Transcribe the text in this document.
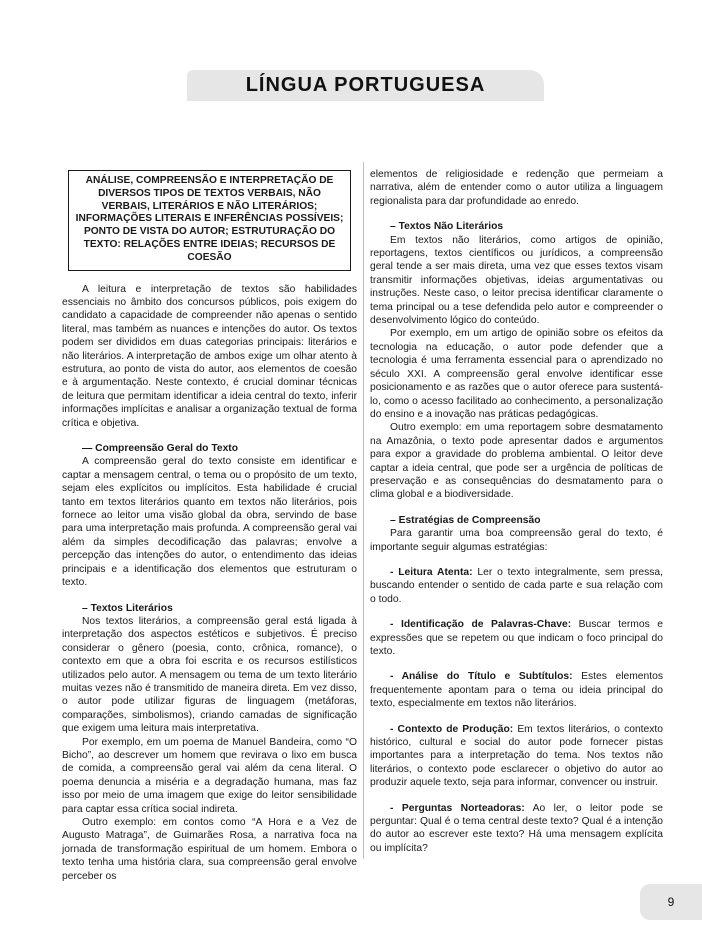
LÍNGUA PORTUGUESA
ANÁLISE, COMPREENSÃO E INTERPRETAÇÃO DE DIVERSOS TIPOS DE TEXTOS VERBAIS, NÃO VERBAIS, LITERÁRIOS E NÃO LITERÁRIOS; INFORMAÇÕES LITERAIS E INFERÊNCIAS POSSÍVEIS; PONTO DE VISTA DO AUTOR; ESTRUTURAÇÃO DO TEXTO: RELAÇÕES ENTRE IDEIAS; RECURSOS DE COESÃO

A leitura e interpretação de textos são habilidades essenciais no âmbito dos concursos públicos, pois exigem do candidato a capacidade de compreender não apenas o sentido literal, mas também as nuances e intenções do autor. Os textos podem ser divididos em duas categorias principais: literários e não literários. A interpretação de ambos exige um olhar atento à estrutura, ao ponto de vista do autor, aos elementos de coesão e à argumentação. Neste contexto, é crucial dominar técnicas de leitura que permitam identificar a ideia central do texto, inferir informações implícitas e analisar a organização textual de forma crítica e objetiva.

— Compreensão Geral do Texto

A compreensão geral do texto consiste em identificar e captar a mensagem central, o tema ou o propósito de um texto, sejam eles explícitos ou implícitos. Esta habilidade é crucial tanto em textos literários quanto em textos não literários, pois fornece ao leitor uma visão global da obra, servindo de base para uma interpretação mais profunda. A compreensão geral vai além da simples decodificação das palavras; envolve a percepção das intenções do autor, o entendimento das ideias principais e a identificação dos elementos que estruturam o texto.

– Textos Literários

Nos textos literários, a compreensão geral está ligada à interpretação dos aspectos estéticos e subjetivos. É preciso considerar o gênero (poesia, conto, crônica, romance), o contexto em que a obra foi escrita e os recursos estilísticos utilizados pelo autor. A mensagem ou tema de um texto literário muitas vezes não é transmitido de maneira direta. Em vez disso, o autor pode utilizar figuras de linguagem (metáforas, comparações, simbolismos), criando camadas de significação que exigem uma leitura mais interpretativa.

Por exemplo, em um poema de Manuel Bandeira, como “O Bicho”, ao descrever um homem que revirava o lixo em busca de comida, a compreensão geral vai além da cena literal. O poema denuncia a miséria e a degradação humana, mas faz isso por meio de uma imagem que exige do leitor sensibilidade para captar essa crítica social indireta.

Outro exemplo: em contos como “A Hora e a Vez de Augusto Matraga”, de Guimarães Rosa, a narrativa foca na jornada de transformação espiritual de um homem. Embora o texto tenha uma história clara, sua compreensão geral envolve perceber os

elementos de religiosidade e redenção que permeiam a narrativa, além de entender como o autor utiliza a linguagem regionalista para dar profundidade ao enredo.

– Textos Não Literários

Em textos não literários, como artigos de opinião, reportagens, textos científicos ou jurídicos, a compreensão geral tende a ser mais direta, uma vez que esses textos visam transmitir informações objetivas, ideias argumentativas ou instruções. Neste caso, o leitor precisa identificar claramente o tema principal ou a tese defendida pelo autor e compreender o desenvolvimento lógico do conteúdo.

Por exemplo, em um artigo de opinião sobre os efeitos da tecnologia na educação, o autor pode defender que a tecnologia é uma ferramenta essencial para o aprendizado no século XXI. A compreensão geral envolve identificar esse posicionamento e as razões que o autor oferece para sustentá-lo, como o acesso facilitado ao conhecimento, a personalização do ensino e a inovação nas práticas pedagógicas.

Outro exemplo: em uma reportagem sobre desmatamento na Amazônia, o texto pode apresentar dados e argumentos para expor a gravidade do problema ambiental. O leitor deve captar a ideia central, que pode ser a urgência de políticas de preservação e as consequências do desmatamento para o clima global e a biodiversidade.

– Estratégias de Compreensão

Para garantir uma boa compreensão geral do texto, é importante seguir algumas estratégias:

- Leitura Atenta: Ler o texto integralmente, sem pressa, buscando entender o sentido de cada parte e sua relação com o todo.
- Identificação de Palavras-Chave: Buscar termos e expressões que se repetem ou que indicam o foco principal do texto.
- Análise do Título e Subtítulos: Estes elementos frequentemente apontam para o tema ou ideia principal do texto, especialmente em textos não literários.
- Contexto de Produção: Em textos literários, o contexto histórico, cultural e social do autor pode fornecer pistas importantes para a interpretação do tema. Nos textos não literários, o contexto pode esclarecer o objetivo do autor ao produzir aquele texto, seja para informar, convencer ou instruir.
- Perguntas Norteadoras: Ao ler, o leitor pode se perguntar: Qual é o tema central deste texto? Qual é a intenção do autor ao escrever este texto? Há uma mensagem explícita ou implícita?
9
